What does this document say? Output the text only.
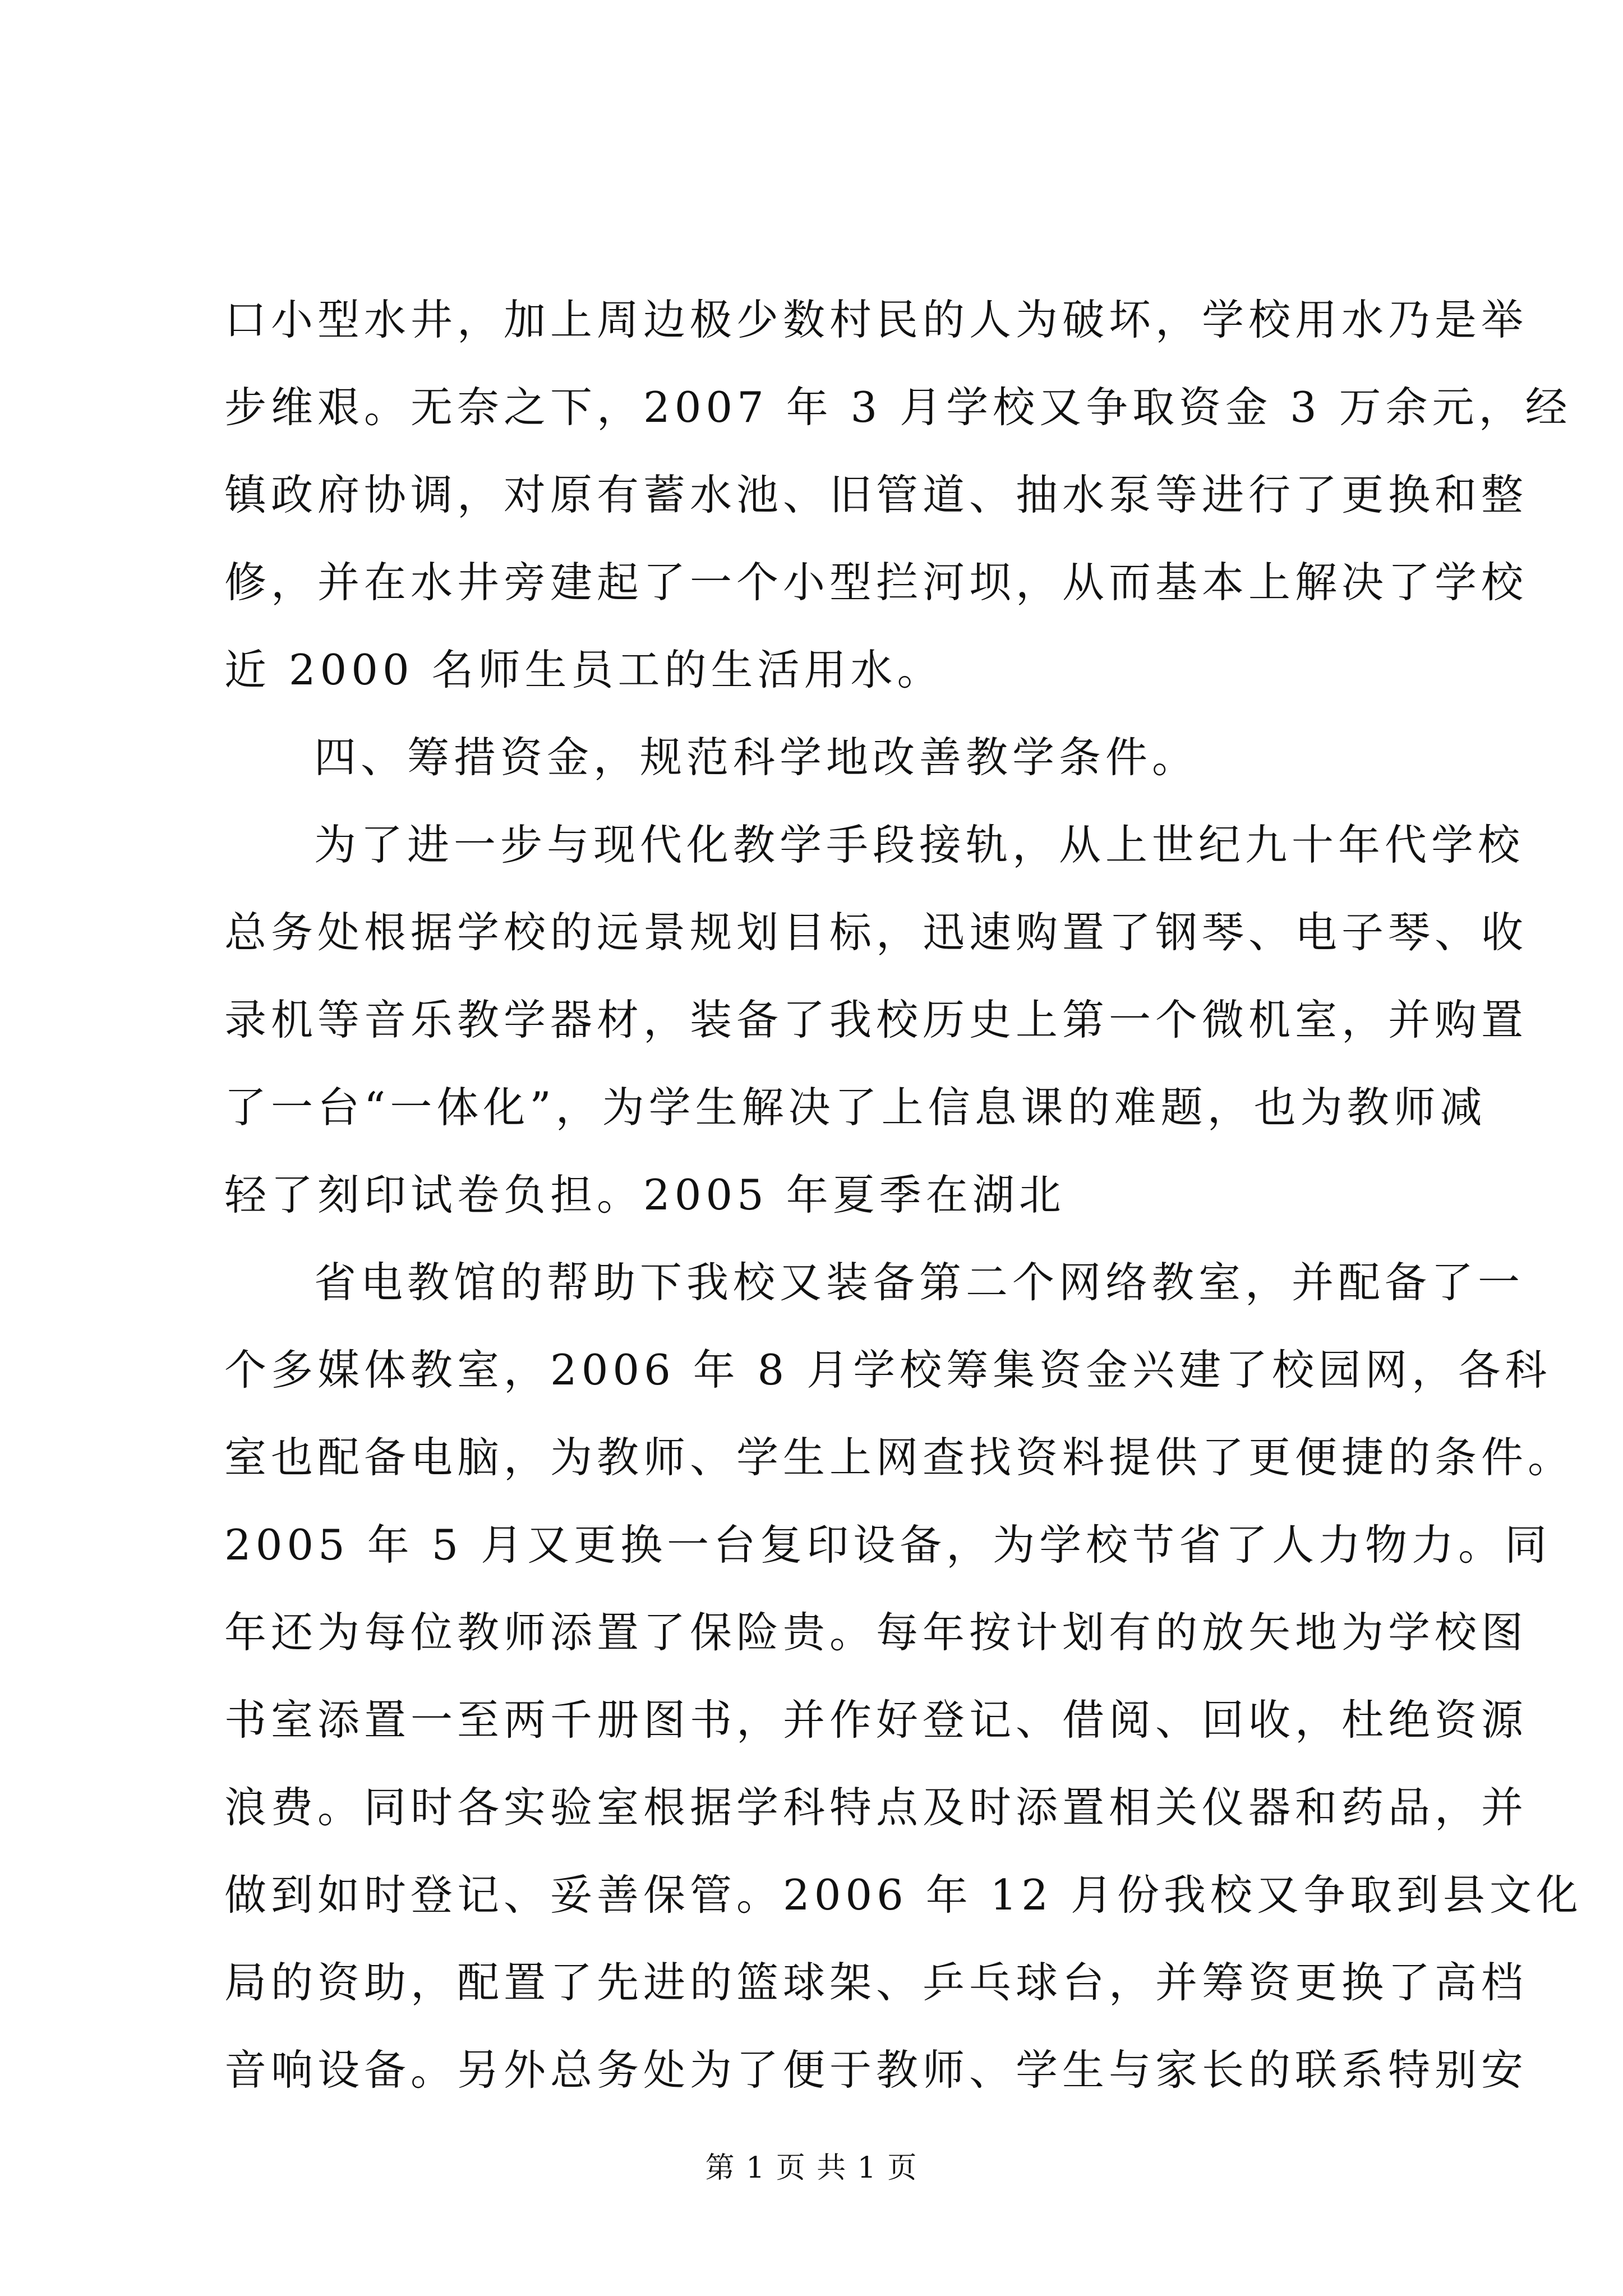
口小型水井，加上周边极少数村民的人为破坏，学校用水乃是举
步维艰。无奈之下，2007 年 3 月学校又争取资金 3 万余元，经
镇政府协调，对原有蓄水池、旧管道、抽水泵等进行了更换和整
修，并在水井旁建起了一个小型拦河坝，从而基本上解决了学校
近 2000 名师生员工的生活用水。
四、筹措资金，规范科学地改善教学条件。
为了进一步与现代化教学手段接轨，从上世纪九十年代学校
总务处根据学校的远景规划目标，迅速购置了钢琴、电子琴、收
录机等音乐教学器材，装备了我校历史上第一个微机室，并购置
了一台“一体化”，为学生解决了上信息课的难题，也为教师减
轻了刻印试卷负担。2005 年夏季在湖北
省电教馆的帮助下我校又装备第二个网络教室，并配备了一
个多媒体教室，2006 年 8 月学校筹集资金兴建了校园网，各科
室也配备电脑，为教师、学生上网查找资料提供了更便捷的条件。
2005 年 5 月又更换一台复印设备，为学校节省了人力物力。同
年还为每位教师添置了保险贵。每年按计划有的放矢地为学校图
书室添置一至两千册图书，并作好登记、借阅、回收，杜绝资源
浪费。同时各实验室根据学科特点及时添置相关仪器和药品，并
做到如时登记、妥善保管。2006 年 12 月份我校又争取到县文化
局的资助，配置了先进的篮球架、乒乓球台，并筹资更换了高档
音响设备。另外总务处为了便于教师、学生与家长的联系特别安
第 1 页 共 1 页
